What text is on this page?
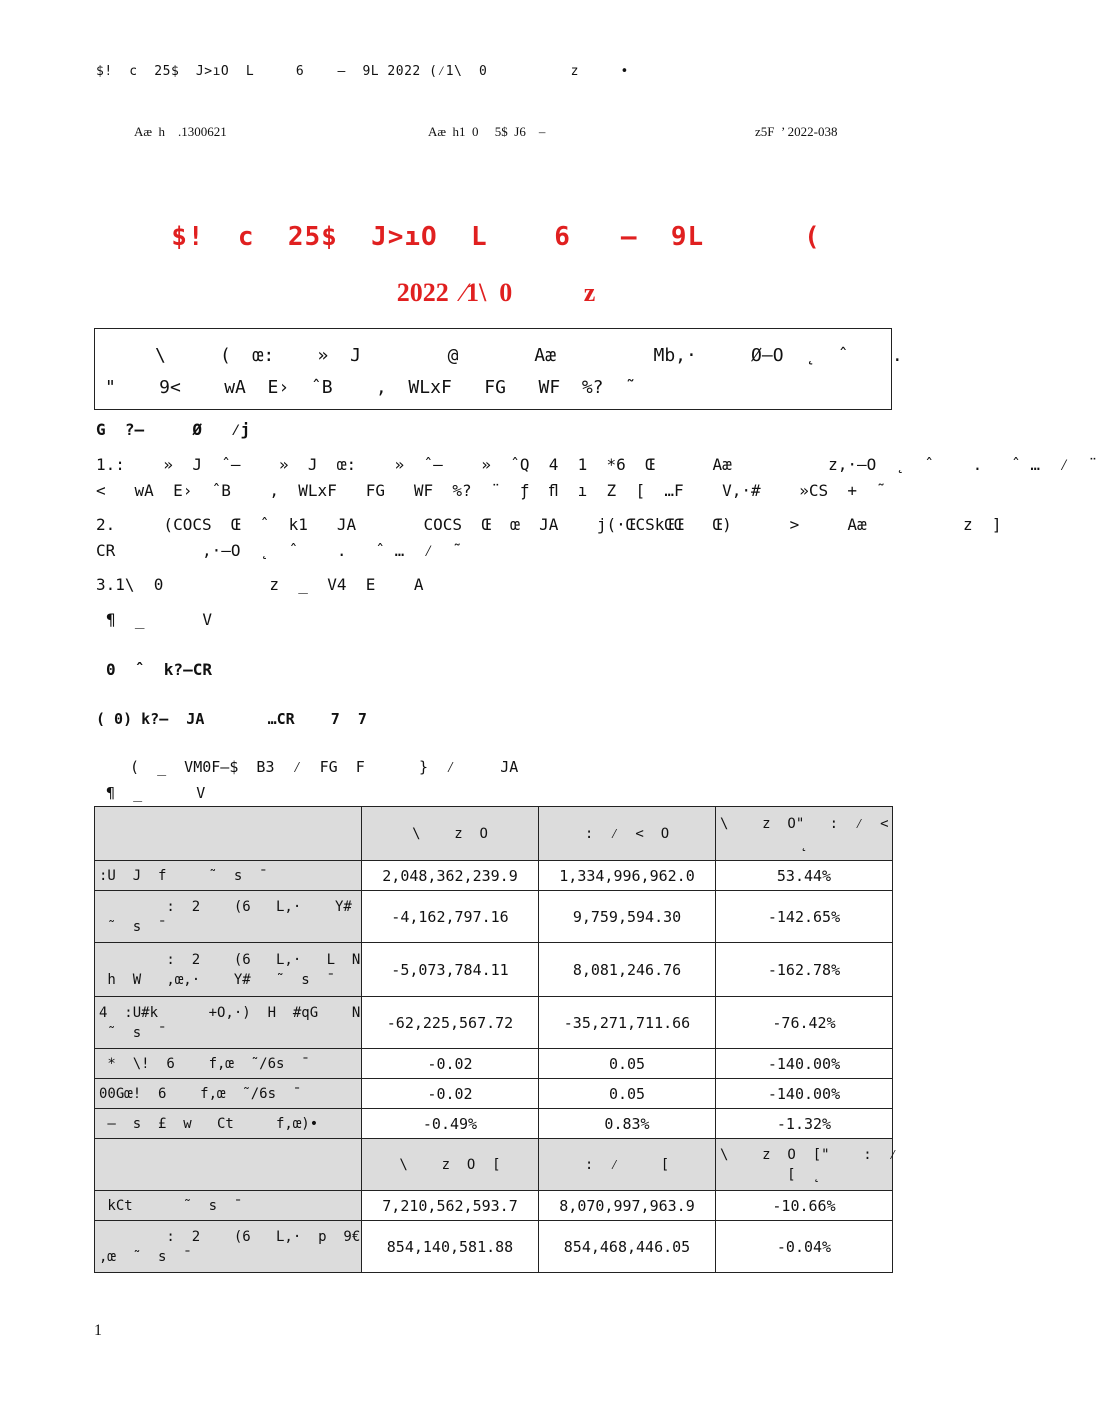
$!  c  25$  J>ıO  L     6    –  9L 2022 (⁄1\  0          z     •
Aæ  h    .1300621	Aæ  h1  0     5$  J6    –	z5F  ’ 2022-038
$!  c  25$  J>ıO  L    6   –  9L      (
2022  ⁄1\  0           z
\     (  œ:    »  J        @       Aæ         Mb,·     Ø–O  ˛  ˆ    .
"    9<    wA  E›  ˆB    ,  WLxF   FG   WF  %?  ˜
G  ?–     Ø   ⁄j
1.:    »  J  ˆ–    »  J  œ:    »  ˆ–    »  ˆQ  4  1  *6  Œ      Aæ          z,·–O  ˛  ˆ    .   ˆ …  ⁄  ¨
<   wA  E›  ˆB    ,  WLxF   FG   WF  %?  ¨  ƒ  ﬂ  ı  Z  [  …F    V,·#    »CS  +  ˜
2.     (COCS  Œ  ˆ  k1   JA       COCS  Œ  œ  JA    j(·ŒCSkŒŒ   Œ)      >     Aæ          z  ]
CR         ,·–O  ˛  ˆ    .   ˆ …  ⁄  ˜
3.1\  0           z  _  V4  E    A
¶  _      V
0  ˆ  k?–CR
( 0) k?–  JA       …CR    7  7
(  _  VM0F–$  B3  ⁄  FG  F      }  ⁄     JA
¶  _      V
	\    z  O	:  ⁄  <  O	\    z  O"   :  ⁄  <
˛
:U  J  f     ˜  s  ¯	2,048,362,239.9	1,334,996,962.0	53.44%
:  2    (6   L,·    Y#
˜  s  ¯	-4,162,797.16	9,759,594.30	-142.65%
:  2    (6   L,·   L  N
h  W   ,œ,·    Y#   ˜  s  ¯	-5,073,784.11	8,081,246.76	-162.78%
4  :U#k      +O,·)  H  #qG    N
˜  s  ¯	-62,225,567.72	-35,271,711.66	-76.42%
*  \!  6    f,œ  ˜/6s  ¯	-0.02	0.05	-140.00%
00Gœ!  6    f,œ  ˜/6s  ¯	-0.02	0.05	-140.00%
–  s  £  w   Ct     f,œ)•	-0.49%	0.83%	-1.32%
	\    z  O  [	:  ⁄     [	\    z  O  ["    :  ⁄
[  ˛
kCt      ˜  s  ¯	7,210,562,593.7	8,070,997,963.9	-10.66%
:  2    (6   L,·  p  9€
,œ  ˜  s  ¯	854,140,581.88	854,468,446.05	-0.04%
1
